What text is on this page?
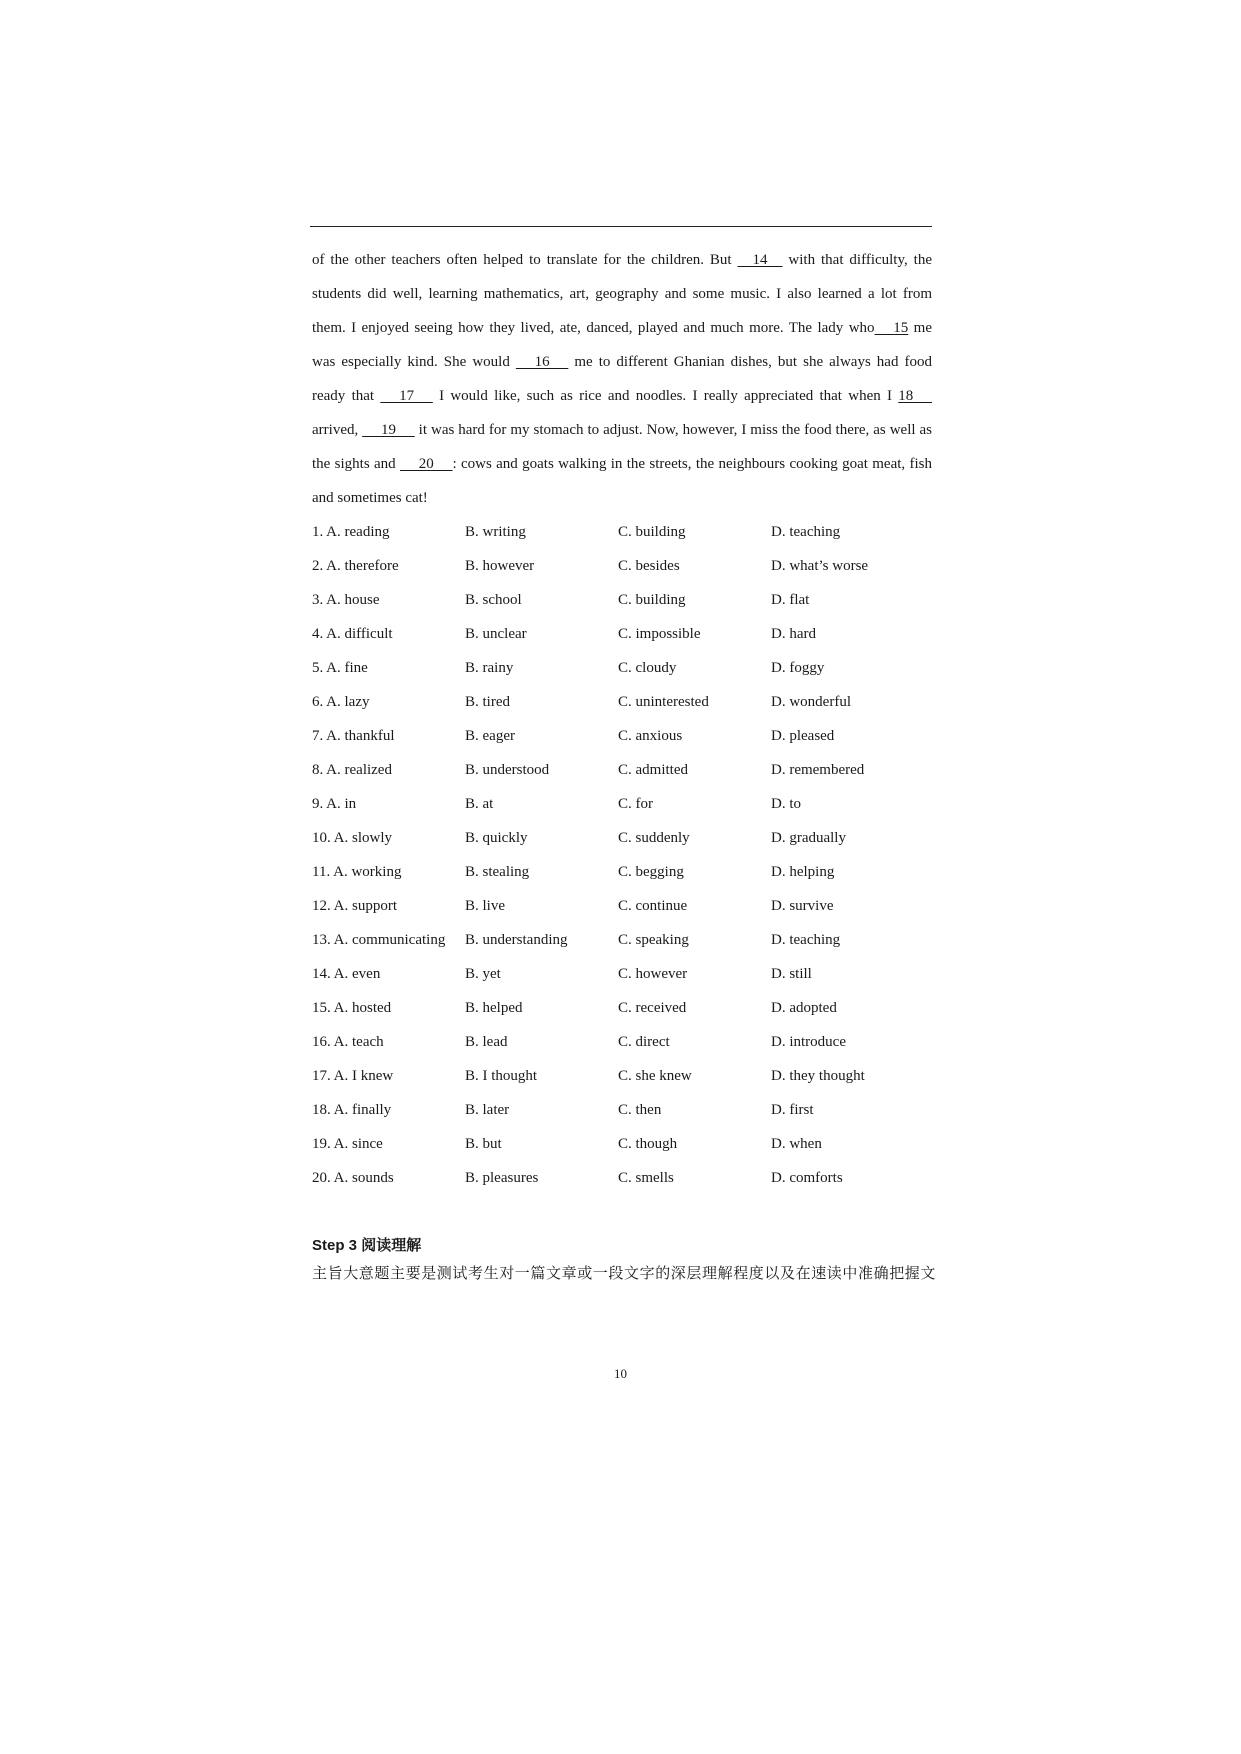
of the other teachers often helped to translate for the children. But     14     with that difficulty, the students did well, learning mathematics, art, geography and some music. I also learned a lot from them. I enjoyed seeing how they lived, ate, danced, played and much more. The lady who     15 me was especially kind. She would      16      me to different Ghanian dishes, but she always had food ready that      17      I would like, such as rice and noodles. I really appreciated that when I 18      arrived,      19      it was hard for my stomach to adjust. Now, however, I miss the food there, as well as the sights and      20     : cows and goats walking in the streets, the neighbours cooking goat meat, fish and sometimes cat!

1. A. reading	B. writing	C. building	D. teaching
2. A. therefore	B. however	C. besides	D. what’s worse
3. A. house	B. school	C. building	D. flat
4. A. difficult	B. unclear	C. impossible	D. hard
5. A. fine	B. rainy	C. cloudy	D. foggy
6. A. lazy	B. tired	C. uninterested	D. wonderful
7. A. thankful	B. eager	C. anxious	D. pleased
8. A. realized	B. understood	C. admitted	D. remembered
9. A. in	B. at	C. for	D. to
10. A. slowly	B. quickly	C. suddenly	D. gradually
11. A. working	B. stealing	C. begging	D. helping
12. A. support	B. live	C. continue	D. survive
13. A. communicating B. understanding	C. speaking	D. teaching
14. A. even	B. yet	C. however	D. still
15. A. hosted	B. helped	C. received	D. adopted
16. A. teach	B. lead	C. direct	D. introduce
17. A. I knew	B. I thought	C. she knew	D. they thought
18. A. finally	B. later	C. then	D. first
19. A. since	B. but	C. though	D. when
20. A. sounds	B. pleasures	C. smells	D. comforts
Step 3 阅读理解
主旨大意题主要是测试考生对一篇文章或一段文字的深层理解程度以及在速读中准确把握文
10
